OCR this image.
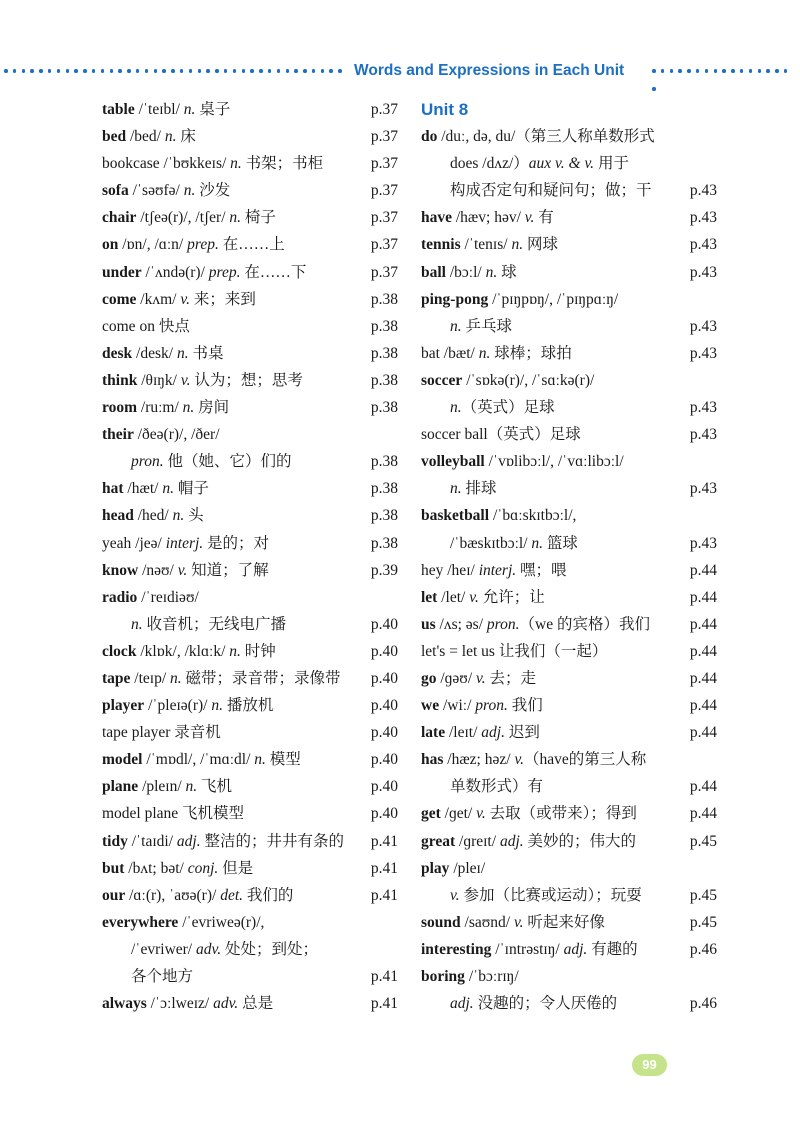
Words and Expressions in Each Unit
table /ˈteɪbl/ n. 桌子	p.37
bed /bed/ n. 床	p.37
bookcase /ˈbʊkkeɪs/ n. 书架；书柜	p.37
sofa /ˈsəʊfə/ n. 沙发	p.37
chair /tʃeə(r)/, /tʃer/ n. 椅子	p.37
on /ɒn/, /ɑːn/ prep. 在……上	p.37
under /ˈʌndə(r)/ prep. 在……下	p.37
come /kʌm/ v. 来；来到	p.38
come on 快点	p.38
desk /desk/ n. 书桌	p.38
think /θɪŋk/ v. 认为；想；思考	p.38
room /ruːm/ n. 房间	p.38
their /ðeə(r)/, /ðer/
pron. 他（她、它）们的	p.38
hat /hæt/ n. 帽子	p.38
head /hed/ n. 头	p.38
yeah /jeə/ interj. 是的；对	p.38
know /nəʊ/ v. 知道；了解	p.39
radio /ˈreɪdiəʊ/
n. 收音机；无线电广播	p.40
clock /klɒk/, /klɑːk/ n. 时钟	p.40
tape /teɪp/ n. 磁带；录音带；录像带 p.40
player /ˈpleɪə(r)/ n. 播放机	p.40
tape player 录音机	p.40
model /ˈmɒdl/, /ˈmɑːdl/ n. 模型	p.40
plane /pleɪn/ n. 飞机	p.40
model plane 飞机模型	p.40
tidy /ˈtaɪdi/ adj. 整洁的；井井有条的 p.41
but /bʌt; bət/ conj. 但是	p.41
our /ɑː(r), ˈaʊə(r)/ det. 我们的	p.41
everywhere /ˈevriweə(r)/,
/ˈevriwer/ adv. 处处；到处；
各个地方	p.41
always /ˈɔːlweɪz/ adv. 总是	p.41
Unit 8
do /duː, də, du/（第三人称单数形式
does /dʌz/）aux v. & v. 用于
构成否定句和疑问句；做；干 p.43
have /hæv; həv/ v. 有	p.43
tennis /ˈtenɪs/ n. 网球	p.43
ball /bɔːl/ n. 球	p.43
ping-pong /ˈpɪŋpɒŋ/, /ˈpɪŋpɑːŋ/
n. 乒乓球	p.43
bat /bæt/ n. 球棒；球拍	p.43
soccer /ˈsɒkə(r)/, /ˈsɑːkə(r)/
n.（英式）足球	p.43
soccer ball（英式）足球	p.43
volleyball /ˈvɒlibɔːl/, /ˈvɑːlibɔːl/
n. 排球	p.43
basketball /ˈbɑːskɪtbɔːl/,
/ˈbæskɪtbɔːl/ n. 篮球	p.43
hey /heɪ/ interj. 嘿；喂	p.44
let /let/ v. 允许；让	p.44
us /ʌs; əs/ pron.（we 的宾格）我们	p.44
let's = let us 让我们（一起）	p.44
go /ɡəʊ/ v. 去；走	p.44
we /wiː/ pron. 我们	p.44
late /leɪt/ adj. 迟到	p.44
has /hæz; həz/ v.（have的第三人称
单数形式）有	p.44
get /ɡet/ v. 去取（或带来）；得到	p.44
great /ɡreɪt/ adj. 美妙的；伟大的	p.45
play /pleɪ/
v. 参加（比赛或运动）；玩耍	p.45
sound /saʊnd/ v. 听起来好像	p.45
interesting /ˈɪntrəstɪŋ/ adj. 有趣的	p.46
boring /ˈbɔːrɪŋ/
adj. 没趣的；令人厌倦的	p.46
99
